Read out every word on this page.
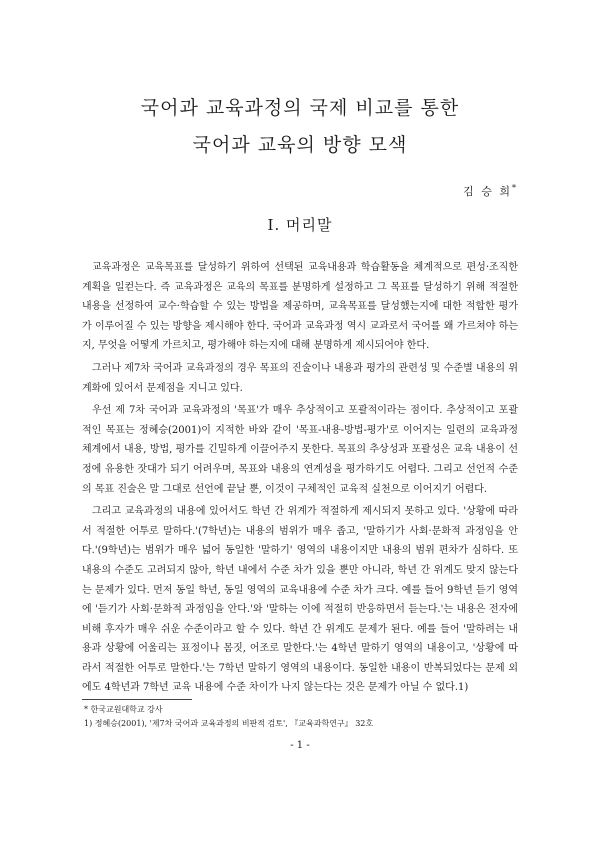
국어과 교육과정의 국제 비교를 통한
국어과 교육의 방향 모색
김 승 희*
Ⅰ. 머리말

교육과정은 교육목표를 달성하기 위하여 선택된 교육내용과 학습활동을 체계적으로 편성·조직한 계획을 일컫는다. 즉 교육과정은 교육의 목표를 분명하게 설정하고 그 목표를 달성하기 위해 적절한 내용을 선정하여 교수·학습할 수 있는 방법을 제공하며, 교육목표를 달성했는지에 대한 적합한 평가가 이루어질 수 있는 방향을 제시해야 한다. 국어과 교육과정 역시 교과로서 국어를 왜 가르쳐야 하는지, 무엇을 어떻게 가르치고, 평가해야 하는지에 대해 분명하게 제시되어야 한다.

그러나 제7차 국어과 교육과정의 경우 목표의 진술이나 내용과 평가의 관련성 및 수준별 내용의 위계화에 있어서 문제점을 지니고 있다.

우선 제 7차 국어과 교육과정의 '목표'가 매우 추상적이고 포괄적이라는 점이다. 추상적이고 포괄적인 목표는 정혜승(2001)이 지적한 바와 같이 '목표-내용-방법-평가'로 이어지는 일련의 교육과정 체계에서 내용, 방법, 평가를 긴밀하게 이끌어주지 못한다. 목표의 추상성과 포괄성은 교육 내용이 선정에 유용한 잣대가 되기 어려우며, 목표와 내용의 연계성을 평가하기도 어렵다. 그리고 선언적 수준의 목표 진술은 말 그대로 선언에 끝날 뿐, 이것이 구체적인 교육적 실천으로 이어지기 어렵다.

그리고 교육과정의 내용에 있어서도 학년 간 위계가 적절하게 제시되지 못하고 있다. '상황에 따라서 적절한 어투로 말하다.'(7학년)는 내용의 범위가 매우 좁고, '말하기가 사회·문화적 과정임을 안다.'(9학년)는 범위가 매우 넓어 동일한 '말하기' 영역의 내용이지만 내용의 범위 편차가 심하다. 또 내용의 수준도 고려되지 않아, 학년 내에서 수준 차가 있을 뿐만 아니라, 학년 간 위계도 맞지 않는다는 문제가 있다. 먼저 동일 학년, 동일 영역의 교육내용에 수준 차가 크다. 예를 들어 9학년 듣기 영역에 '듣기가 사회·문화적 과정임을 안다.'와 '말하는 이에 적절히 반응하면서 듣는다.'는 내용은 전자에 비해 후자가 매우 쉬운 수준이라고 할 수 있다. 학년 간 위계도 문제가 된다. 예를 들어 '말하려는 내용과 상황에 어울리는 표정이나 몸짓, 어조로 말한다.'는 4학년 말하기 영역의 내용이고, '상황에 따라서 적절한 어투로 말한다.'는 7학년 말하기 영역의 내용이다. 동일한 내용이 반복되었다는 문제 외에도 4학년과 7학년 교육 내용에 수준 차이가 나지 않는다는 것은 문제가 아닐 수 없다.1)

* 한국교원대학교 강사
1) 정혜승(2001), '제7차 국어과 교육과정의 비판적 검토', 『교육과학연구』 32호
- 1 -
